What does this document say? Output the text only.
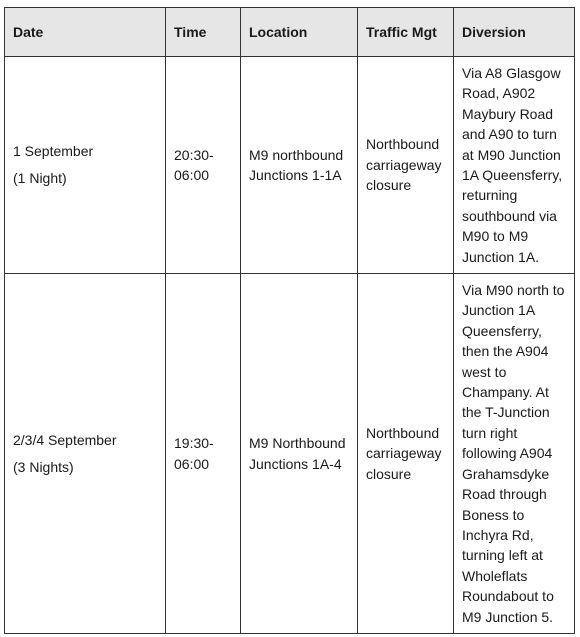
Date	Time	Location	Traffic Mgt	Diversion

1 September
(1 Night)	20:30-06:00	M9 northbound Junctions 1-1A	Northbound carriageway closure	Via A8 Glasgow Road, A902 Maybury Road and A90 to turn at M90 Junction 1A Queensferry, returning southbound via M90 to M9 Junction 1A.

2/3/4 September
(3 Nights)	19:30-06:00	M9 Northbound Junctions 1A-4	Northbound carriageway closure	Via M90 north to Junction 1A Queensferry, then the A904 west to Champany. At the T-Junction turn right following A904 Grahamsdyke Road through Boness to Inchyra Rd, turning left at Wholeflats Roundabout to M9 Junction 5.
